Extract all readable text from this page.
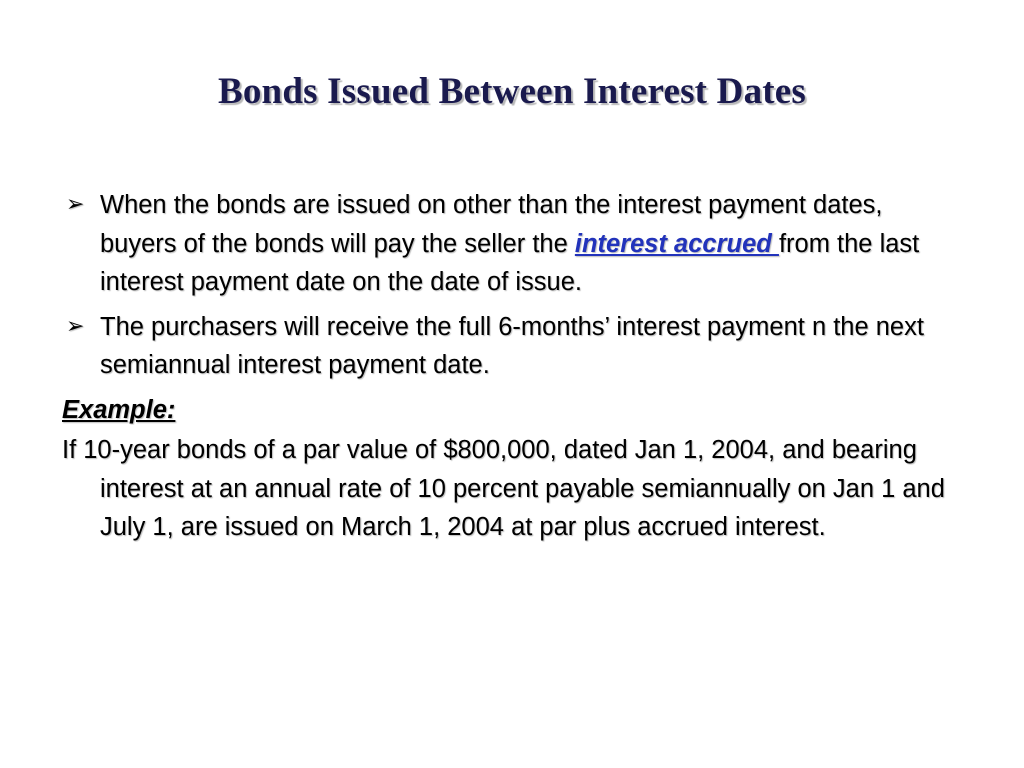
Bonds Issued Between Interest Dates

➢ When the bonds are issued on other than the interest payment dates, buyers of the bonds will pay the seller the interest accrued from the last interest payment date on the date of issue.

➢ The purchasers will receive the full 6-months’ interest payment n the next semiannual interest payment date.

Example:

If 10-year bonds of a par value of $800,000, dated Jan 1, 2004, and bearing interest at an annual rate of 10 percent payable semiannually on Jan 1 and July 1, are issued on March 1, 2004 at par plus accrued interest.
